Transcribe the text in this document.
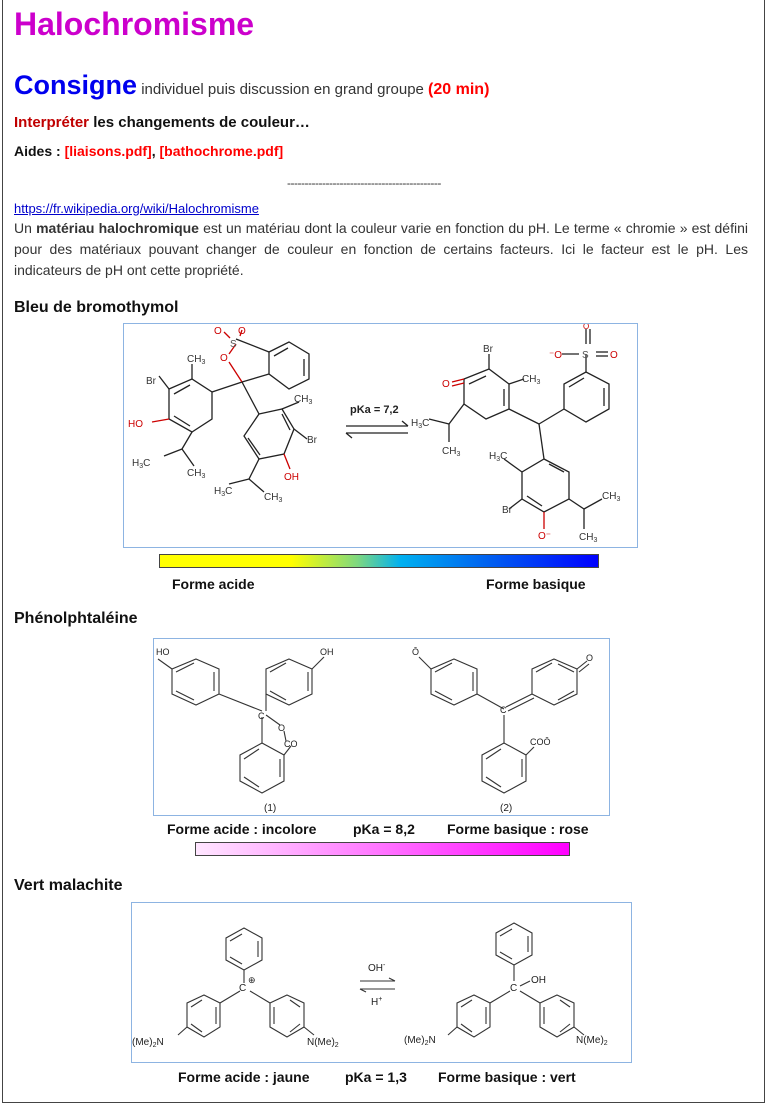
Halochromisme
Consigne individuel puis discussion en grand groupe (20 min)
Interpréter les changements de couleur…
Aides : [liaisons.pdf], [bathochrome.pdf]
--------------------------------------------
https://fr.wikipedia.org/wiki/Halochromisme
Un matériau halochromique est un matériau dont la couleur varie en fonction du pH. Le terme « chromie » est défini pour des matériaux pouvant changer de couleur en fonction de certains facteurs. Ici le facteur est le pH. Les indicateurs de pH ont cette propriété.
Bleu de bromothymol
Br
$CH_3$
HO
$H_3C$
$CH_3$
O
S
O O
$CH_3$
Br
OH
$H_3C$
$CH_3$
Br
O	$CH_3$
$H_3C$
$CH_3$	$H_3C$
⁻O S
O
O
Br
O⁻
$CH_3$
$CH_3$
pKa = 7,2
Forme acide	Forme basique
Phénolphtaléine
HO	OH
C
O
CO
(1)
Ō
O
C
COŌ
(2)
Forme acide : incolore	pKa = 8,2 Forme basique : rose
Vert malachite
C
⊕
$(Me)_2N$	$N(Me)_2$
OH-
H+
C
OH
$(Me)_2N$	$N(Me)_2$
Forme acide : jaune	pKa = 1,3 Forme basique : vert
